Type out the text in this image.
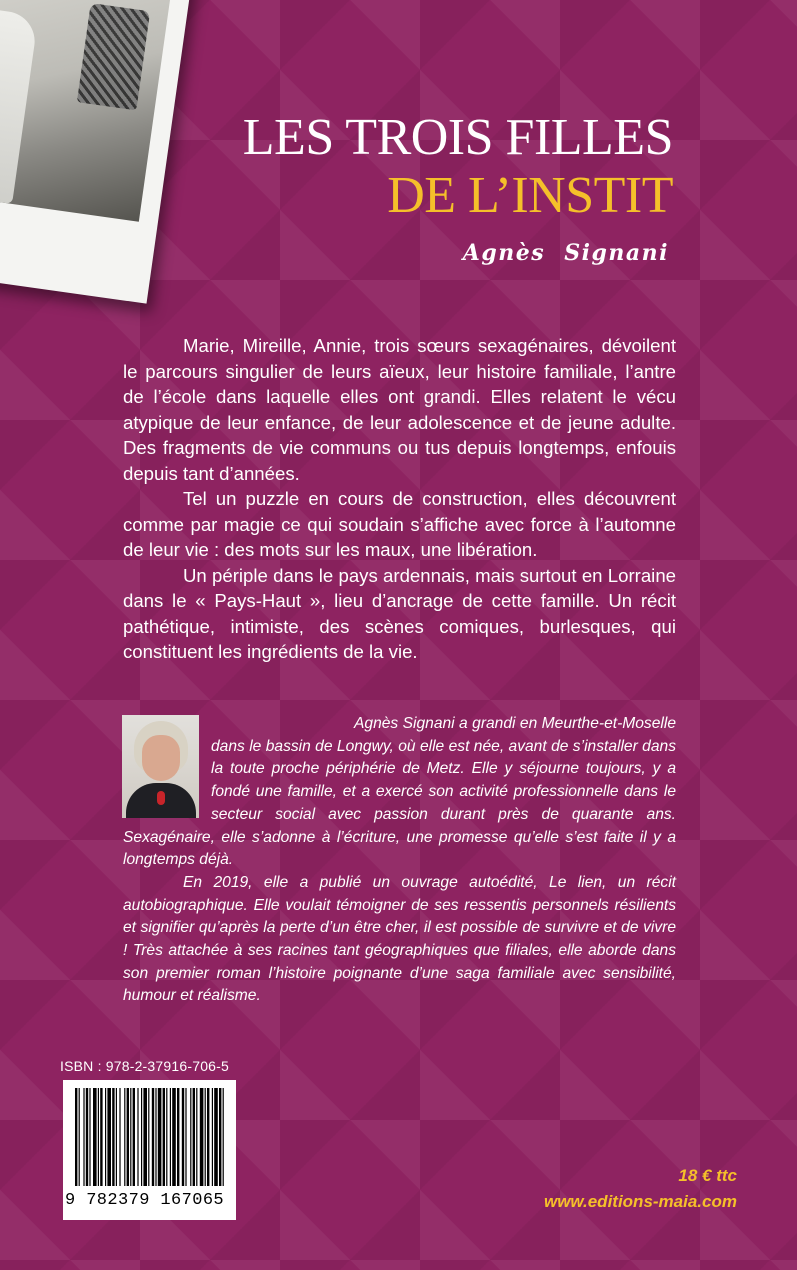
LES TROIS FILLES
DE L’INSTIT
Agnès Signani

Marie, Mireille, Annie, trois sœurs sexagénaires, dévoilent le parcours singulier de leurs aïeux, leur histoire familiale, l’antre de l’école dans laquelle elles ont grandi. Elles relatent le vécu atypique de leur enfance, de leur adolescence et de jeune adulte. Des fragments de vie communs ou tus depuis longtemps, enfouis depuis tant d’années.

Tel un puzzle en cours de construction, elles découvrent comme par magie ce qui soudain s’affiche avec force à l’automne de leur vie : des mots sur les maux, une libération.

Un périple dans le pays ardennais, mais surtout en Lorraine dans le « Pays-Haut », lieu d’ancrage de cette famille. Un récit pathétique, intimiste, des scènes comiques, burlesques, qui constituent les ingrédients de la vie.

Agnès Signani a grandi en Meurthe-et-Moselle dans le bassin de Longwy, où elle est née, avant de s’installer dans la toute proche périphérie de Metz. Elle y séjourne toujours, y a fondé une famille, et a exercé son activité professionnelle dans le secteur social avec passion durant près de quarante ans. Sexagénaire, elle s’adonne à l’écriture, une promesse qu’elle s’est faite il y a longtemps déjà.

En 2019, elle a publié un ouvrage autoédité, Le lien, un récit autobiographique. Elle voulait témoigner de ses ressentis personnels résilients et signifier qu’après la perte d’un être cher, il est possible de survivre et de vivre ! Très attachée à ses racines tant géographiques que filiales, elle aborde dans son premier roman l’histoire poignante d’une saga familiale avec sensibilité, humour et réalisme.

ISBN : 978-2-37916-706-5
9 782379 167065
18 € ttc
www.editions-maia.com
